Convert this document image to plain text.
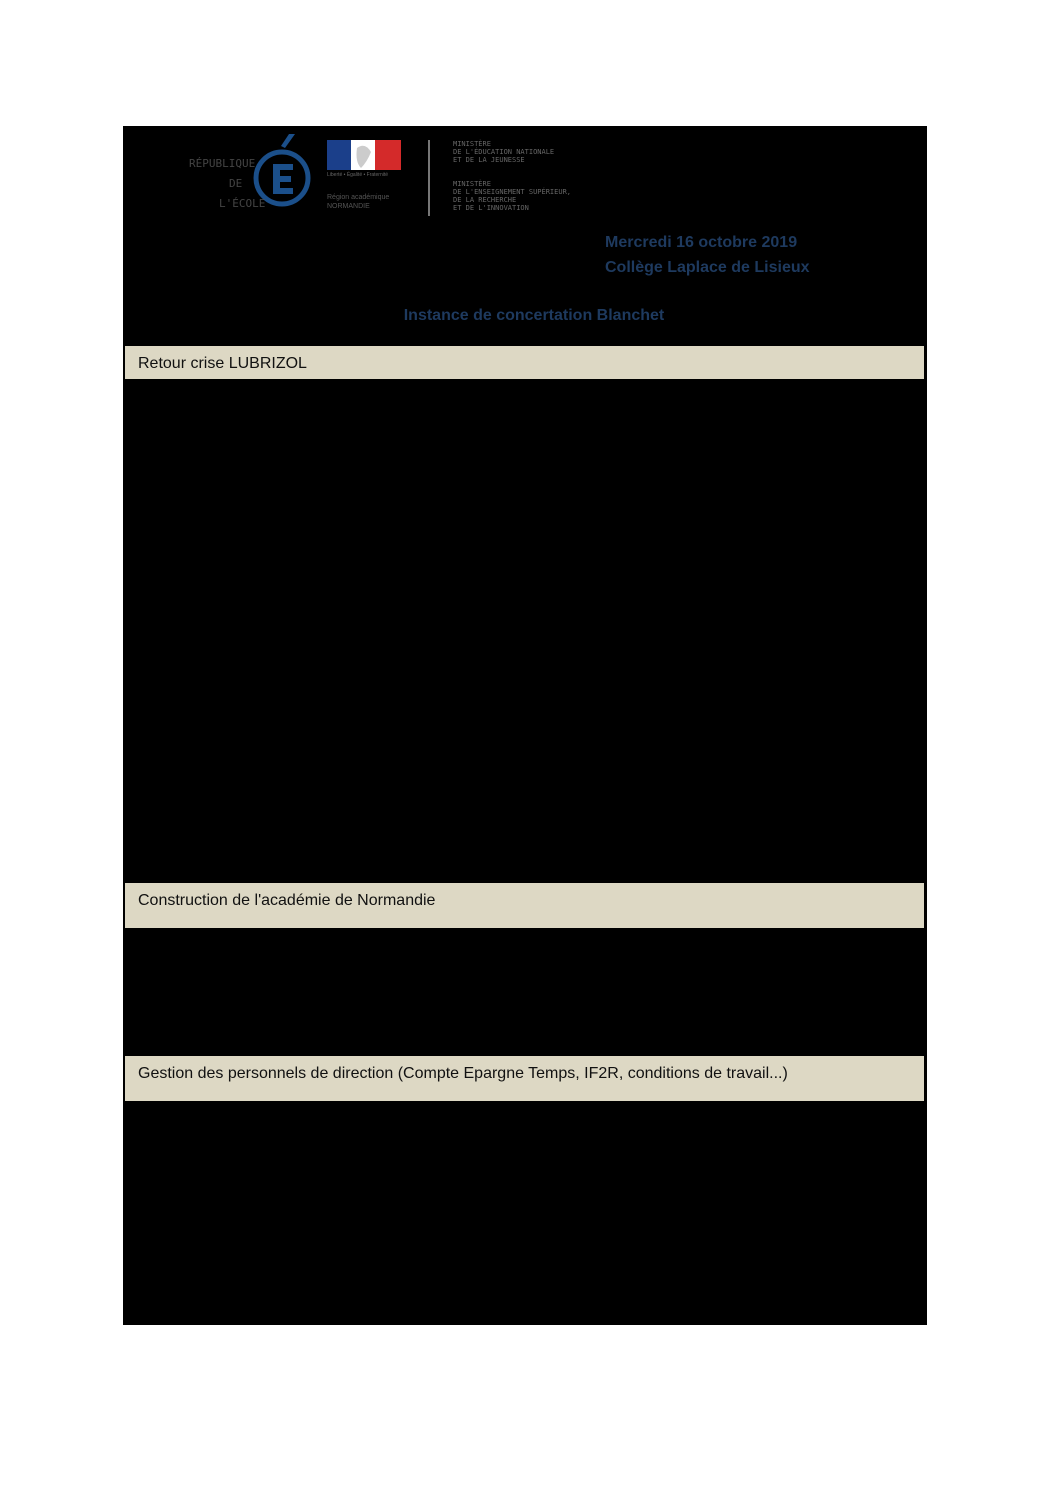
RÉPUBLIQUE
DE
L'ÉCOLE
Liberté • Égalité • Fraternité
Région académique
NORMANDIE
MINISTÈRE
DE L'ÉDUCATION NATIONALE
ET DE LA JEUNESSE
MINISTÈRE
DE L'ENSEIGNEMENT SUPÉRIEUR,
DE LA RECHERCHE
ET DE L'INNOVATION
Mercredi 16 octobre 2019
Collège Laplace de Lisieux
Instance de concertation Blanchet
Retour crise LUBRIZOL
Construction de l'académie de Normandie
Gestion des personnels de direction (Compte Epargne Temps, IF2R, conditions de travail...)
